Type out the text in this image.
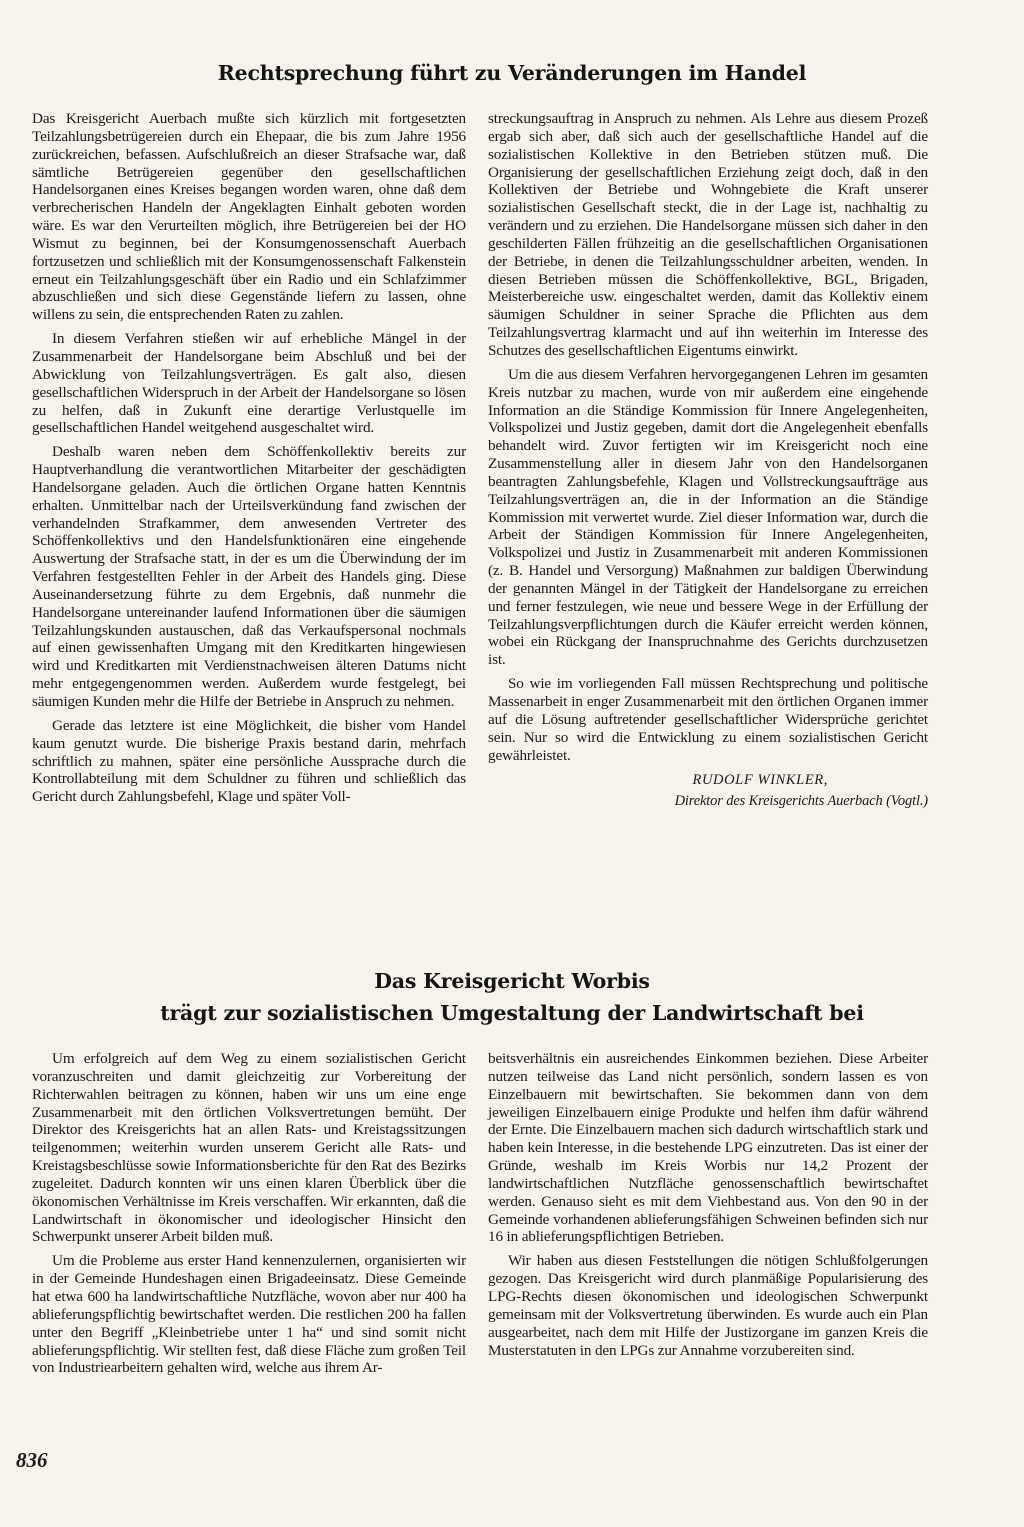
Rechtsprechung führt zu Veränderungen im Handel

Das Kreisgericht Auerbach mußte sich kürzlich mit fortgesetzten Teilzahlungsbetrügereien durch ein Ehepaar, die bis zum Jahre 1956 zurückreichen, befassen. Aufschlußreich an dieser Strafsache war, daß sämtliche Betrügereien gegenüber den gesellschaftlichen Handelsorganen eines Kreises begangen worden waren, ohne daß dem verbrecherischen Handeln der Angeklagten Einhalt geboten worden wäre. Es war den Verurteilten möglich, ihre Betrügereien bei der HO Wismut zu beginnen, bei der Konsumgenossenschaft Auerbach fortzusetzen und schließlich mit der Konsumgenossenschaft Falkenstein erneut ein Teilzahlungsgeschäft über ein Radio und ein Schlafzimmer abzuschließen und sich diese Gegenstände liefern zu lassen, ohne willens zu sein, die entsprechenden Raten zu zahlen.

In diesem Verfahren stießen wir auf erhebliche Mängel in der Zusammenarbeit der Handelsorgane beim Abschluß und bei der Abwicklung von Teilzahlungsverträgen. Es galt also, diesen gesellschaftlichen Widerspruch in der Arbeit der Handelsorgane so lösen zu helfen, daß in Zukunft eine derartige Verlustquelle im gesellschaftlichen Handel weitgehend ausgeschaltet wird.

Deshalb waren neben dem Schöffenkollektiv bereits zur Hauptverhandlung die verantwortlichen Mitarbeiter der geschädigten Handelsorgane geladen. Auch die örtlichen Organe hatten Kenntnis erhalten. Unmittelbar nach der Urteilsverkündung fand zwischen der verhandelnden Strafkammer, dem anwesenden Vertreter des Schöffenkollektivs und den Handelsfunktionären eine eingehende Auswertung der Strafsache statt, in der es um die Überwindung der im Verfahren festgestellten Fehler in der Arbeit des Handels ging. Diese Auseinandersetzung führte zu dem Ergebnis, daß nunmehr die Handelsorgane untereinander laufend Informationen über die säumigen Teilzahlungskunden austauschen, daß das Verkaufspersonal nochmals auf einen gewissenhaften Umgang mit den Kreditkarten hingewiesen wird und Kreditkarten mit Verdienstnachweisen älteren Datums nicht mehr entgegengenommen werden. Außerdem wurde festgelegt, bei säumigen Kunden mehr die Hilfe der Betriebe in Anspruch zu nehmen.

Gerade das letztere ist eine Möglichkeit, die bisher vom Handel kaum genutzt wurde. Die bisherige Praxis bestand darin, mehrfach schriftlich zu mahnen, später eine persönliche Aussprache durch die Kontrollabteilung mit dem Schuldner zu führen und schließlich das Gericht durch Zahlungsbefehl, Klage und später Voll-

streckungsauftrag in Anspruch zu nehmen. Als Lehre aus diesem Prozeß ergab sich aber, daß sich auch der gesellschaftliche Handel auf die sozialistischen Kollektive in den Betrieben stützen muß. Die Organisierung der gesellschaftlichen Erziehung zeigt doch, daß in den Kollektiven der Betriebe und Wohngebiete die Kraft unserer sozialistischen Gesellschaft steckt, die in der Lage ist, nachhaltig zu verändern und zu erziehen. Die Handelsorgane müssen sich daher in den geschilderten Fällen frühzeitig an die gesellschaftlichen Organisationen der Betriebe, in denen die Teilzahlungsschuldner arbeiten, wenden. In diesen Betrieben müssen die Schöffenkollektive, BGL, Brigaden, Meisterbereiche usw. eingeschaltet werden, damit das Kollektiv einem säumigen Schuldner in seiner Sprache die Pflichten aus dem Teilzahlungsvertrag klarmacht und auf ihn weiterhin im Interesse des Schutzes des gesellschaftlichen Eigentums einwirkt.

Um die aus diesem Verfahren hervorgegangenen Lehren im gesamten Kreis nutzbar zu machen, wurde von mir außerdem eine eingehende Information an die Ständige Kommission für Innere Angelegenheiten, Volkspolizei und Justiz gegeben, damit dort die Angelegenheit ebenfalls behandelt wird. Zuvor fertigten wir im Kreisgericht noch eine Zusammenstellung aller in diesem Jahr von den Handelsorganen beantragten Zahlungsbefehle, Klagen und Vollstreckungsaufträge aus Teilzahlungsverträgen an, die in der Information an die Ständige Kommission mit verwertet wurde. Ziel dieser Information war, durch die Arbeit der Ständigen Kommission für Innere Angelegenheiten, Volkspolizei und Justiz in Zusammenarbeit mit anderen Kommissionen (z. B. Handel und Versorgung) Maßnahmen zur baldigen Überwindung der genannten Mängel in der Tätigkeit der Handelsorgane zu erreichen und ferner festzulegen, wie neue und bessere Wege in der Erfüllung der Teilzahlungsverpflichtungen durch die Käufer erreicht werden können, wobei ein Rückgang der Inanspruchnahme des Gerichts durchzusetzen ist.

So wie im vorliegenden Fall müssen Rechtsprechung und politische Massenarbeit in enger Zusammenarbeit mit den örtlichen Organen immer auf die Lösung auftretender gesellschaftlicher Widersprüche gerichtet sein. Nur so wird die Entwicklung zu einem sozialistischen Gericht gewährleistet.

RUDOLF WINKLER,
Direktor des Kreisgerichts Auerbach (Vogtl.)
Das Kreisgericht Worbis
trägt zur sozialistischen Umgestaltung der Landwirtschaft bei

Um erfolgreich auf dem Weg zu einem sozialistischen Gericht voranzuschreiten und damit gleichzeitig zur Vorbereitung der Richterwahlen beitragen zu können, haben wir uns um eine enge Zusammenarbeit mit den örtlichen Volksvertretungen bemüht. Der Direktor des Kreisgerichts hat an allen Rats- und Kreistagssitzungen teilgenommen; weiterhin wurden unserem Gericht alle Rats- und Kreistagsbeschlüsse sowie Informationsberichte für den Rat des Bezirks zugeleitet. Dadurch konnten wir uns einen klaren Überblick über die ökonomischen Verhältnisse im Kreis verschaffen. Wir erkannten, daß die Landwirtschaft in ökonomischer und ideologischer Hinsicht den Schwerpunkt unserer Arbeit bilden muß.

Um die Probleme aus erster Hand kennenzulernen, organisierten wir in der Gemeinde Hundeshagen einen Brigadeeinsatz. Diese Gemeinde hat etwa 600 ha landwirtschaftliche Nutzfläche, wovon aber nur 400 ha ablieferungspflichtig bewirtschaftet werden. Die restlichen 200 ha fallen unter den Begriff „Kleinbetriebe unter 1 ha“ und sind somit nicht ablieferungspflichtig. Wir stellten fest, daß diese Fläche zum großen Teil von Industriearbeitern gehalten wird, welche aus ihrem Ar-

beitsverhältnis ein ausreichendes Einkommen beziehen. Diese Arbeiter nutzen teilweise das Land nicht persönlich, sondern lassen es von Einzelbauern mit bewirtschaften. Sie bekommen dann von dem jeweiligen Einzelbauern einige Produkte und helfen ihm dafür während der Ernte. Die Einzelbauern machen sich dadurch wirtschaftlich stark und haben kein Interesse, in die bestehende LPG einzutreten. Das ist einer der Gründe, weshalb im Kreis Worbis nur 14,2 Prozent der landwirtschaftlichen Nutzfläche genossenschaftlich bewirtschaftet werden. Genauso sieht es mit dem Viehbestand aus. Von den 90 in der Gemeinde vorhandenen ablieferungsfähigen Schweinen befinden sich nur 16 in ablieferungspflichtigen Betrieben.

Wir haben aus diesen Feststellungen die nötigen Schlußfolgerungen gezogen. Das Kreisgericht wird durch planmäßige Popularisierung des LPG-Rechts diesen ökonomischen und ideologischen Schwerpunkt gemeinsam mit der Volksvertretung überwinden. Es wurde auch ein Plan ausgearbeitet, nach dem mit Hilfe der Justizorgane im ganzen Kreis die Musterstatuten in den LPGs zur Annahme vorzubereiten sind.

836
